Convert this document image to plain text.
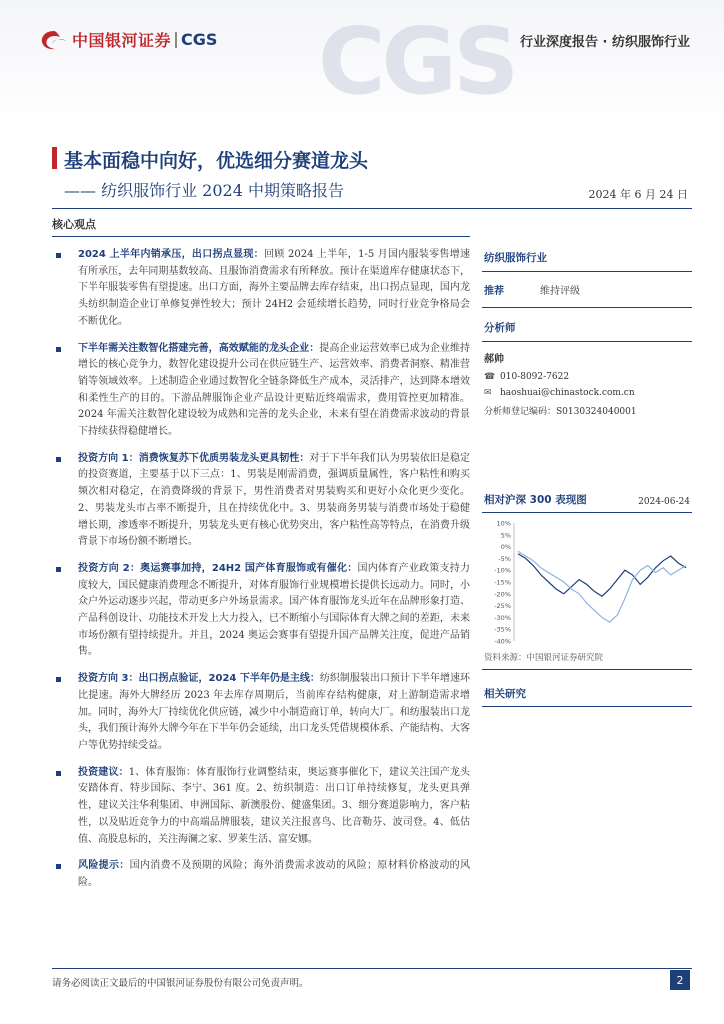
CGS
中国银河证券 CGS	行业深度报告 · 纺织服饰行业
基本面稳中向好，优选细分赛道龙头
—— 纺织服饰行业 2024 中期策略报告	2024 年 6 月 24 日
核心观点
2024 上半年内销承压，出口拐点显现：回顾 2024 上半年，1-5 月国内服装零售增速有所承压，去年同期基数较高、且服饰消费需求有所释放。预计在渠道库存健康状态下，下半年服装零售有望提速。出口方面，海外主要品牌去库存结束，出口拐点显现，国内龙头纺织制造企业订单修复弹性较大；预计 24H2 会延续增长趋势，同时行业竞争格局会不断优化。
下半年需关注数智化搭建完善，高效赋能的龙头企业：提高企业运营效率已成为企业维持增长的核心竞争力，数智化建设提升公司在供应链生产、运营效率、消费者洞察、精准营销等领域效率。上述制造企业通过数智化全链条降低生产成本，灵活排产，达到降本增效和柔性生产的目的。下游品牌服饰企业产品设计更贴近终端需求，费用管控更加精准。2024 年需关注数智化建设较为成熟和完善的龙头企业，未来有望在消费需求波动的背景下持续获得稳健增长。
投资方向 1：消费恢复苏下优质男装龙头更具韧性：对于下半年我们认为男装依旧是稳定的投资赛道，主要基于以下三点：1、男装是刚需消费，强调质量属性，客户粘性和购买频次相对稳定，在消费降级的背景下，男性消费者对男装购买和更好小众化更少变化。2、男装龙头市占率不断提升，且在持续优化中。3、男装商务男装与消费市场处于稳健增长期，渗透率不断提升，男装龙头更有核心优势突出，客户粘性高等特点，在消费升级背景下市场份额不断增长。
投资方向 2：奥运赛事加持，24H2 国产体育服饰或有催化：国内体育产业政策支持力度较大，国民健康消费理念不断提升，对体育服饰行业规模增长提供长远动力。同时，小众户外运动逐步兴起，带动更多户外场景需求。国产体育服饰龙头近年在品牌形象打造、产品科创设计、功能技术开发上大力投入，已不断缩小与国际体育大牌之间的差距，未来市场份额有望持续提升。并且，2024 奥运会赛事有望提升国产品牌关注度，促进产品销售。
投资方向 3：出口拐点验证，2024 下半年仍是主线：纺织制服装出口预计下半年增速环比提速。海外大牌经历 2023 年去库存周期后，当前库存结构健康，对上游制造需求增加。同时，海外大厂持续优化供应链，减少中小制造商订单，转向大厂。和纺服装出口龙头，我们预计海外大牌今年在下半年仍会延续，出口龙头凭借规模体系、产能结构、大客户等优势持续受益。
投资建议：1、体育服饰：体育服饰行业调整结束，奥运赛事催化下，建议关注国产龙头安踏体育、特步国际、李宁、361 度。2、纺织制造：出口订单持续修复，龙头更具弹性，建议关注华利集团、申洲国际、新澳股份、健盛集团。3、细分赛道影响力，客户粘性，以及贴近竞争力的中高端品牌服装，建议关注报喜鸟、比音勒芬、波司登。4、低估值、高股息标的，关注海澜之家、罗莱生活、富安娜。
风险提示：国内消费不及预期的风险；海外消费需求波动的风险；原材料价格波动的风险。
纺织服饰行业
推荐	维持评级
分析师
郝帅
☎ 010-8092-7622
✉ haoshuai@chinastock.com.cn
分析师登记编码：S0130324040001
相对沪深 300 表现图	2024-06-24
10%
5%
0%
-5%
-10%
-15%
-20%
-25%
-30%
-35%
-40%
资料来源：中国银河证券研究院
相关研究
请务必阅读正文最后的中国银河证券股份有限公司免责声明。	2
